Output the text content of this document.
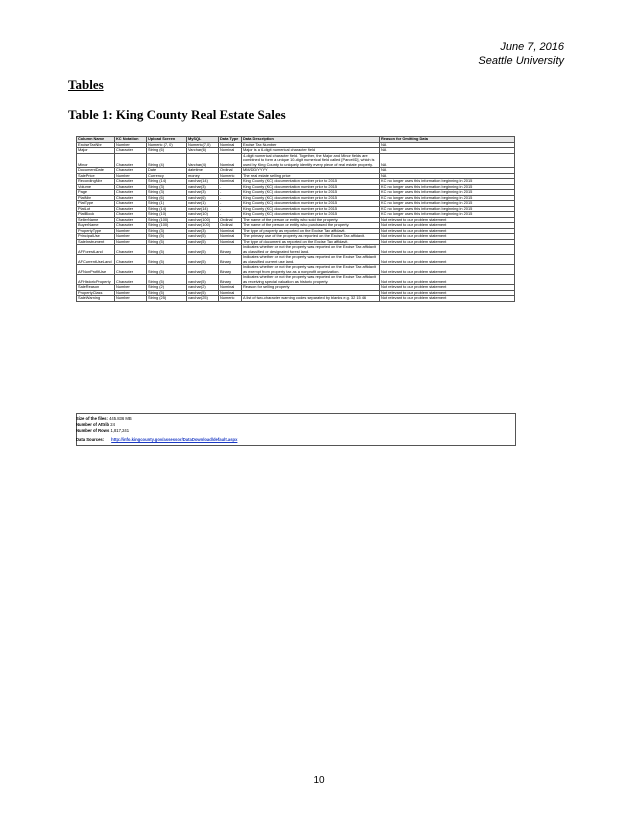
June 7, 2016
Seattle University
Tables
Table 1: King County Real Estate Sales
Column Name	KC Notation	Upload Screen	MySQL	Data Type	Data Description	Reason for Omitting Data
ExciseTaxNbr	Number	Numeric (7, 0)	Numeric(7,0)	Nominal	Excise Tax Number	NA
Major	Character	String (6)	Varchar(6)	Nominal	Major is a 6-digit numerical character field	NA
Minor	Character	String (4)	Varchar(4)	Nominal	4-digit numerical character field. Together, the Major and Minor fields are combined to form a unique 10-digit numerical field called [ParcelID], which is used by King County to uniquely identify every piece of real estate property.	NA
DocumentDate	Character	Date	datetime	Ordinal	MM/DD/YYYY	NA
SalePrice	Number	Currency	money	Numeric	The real estate selling price	NA
RecordingNbr	Character	String (14)	varchar(14)	Nominal	King County (KC) documentation number prior to 2015	KC no longer uses this information beginning in 2015
Volume	Character	String (3)	varchar(3)	-	King County (KC) documentation number prior to 2015	KC no longer uses this information beginning in 2015
Page	Character	String (3)	varchar(3)	-	King County (KC) documentation number prior to 2015	KC no longer uses this information beginning in 2015
PlatNbr	Character	String (6)	varchar(6)	-	King County (KC) documentation number prior to 2015	KC no longer uses this information beginning in 2015
PlatType	Character	String (1)	varchar(1)	-	King County (KC) documentation number prior to 2015	KC no longer uses this information beginning in 2015
PlatLot	Character	String (14)	varchar(14)	-	King County (KC) documentation number prior to 2015	KC no longer uses this information beginning in 2015
PlatBlock	Character	String (10)	varchar(10)	-	King County (KC) documentation number prior to 2015	KC no longer uses this information beginning in 2015
SellerName	Character	String (100)	varchar(100)	Ordinal	The name of the person or entity who sold the property.	Not relevant to our problem statement
BuyerName	Character	String (100)	varchar(100)	Ordinal	The name of the person or entity who purchased the property.	Not relevant to our problem statement
PropertyType	Number	String (3)	varchar(3)	Nominal	The type of property as reported on the Excise Tax affidavit.	Not relevant to our problem statement
PrincipalUse	Number	String (5)	varchar(5)	Nominal	The primary use of the property as reported on the Excise Tax affidavit.	Not relevant to our problem statement
SaleInstrument	Number	String (5)	varchar(5)	Nominal	The type of document as reported on the Excise Tax affidavit.	Not relevant to our problem statement
AFForestLand	Character	String (5)	varchar(5)	Binary	Indicates whether or not the property was reported on the Excise Tax affidavit as classified or designated forest land.	Not relevant to our problem statement
AFCurrentUseLand	Character	String (5)	varchar(5)	Binary	Indicates whether or not the property was reported on the Excise Tax affidavit as classified current use land.	Not relevant to our problem statement
AFNonProfitUse	Character	String (5)	varchar(5)	Binary	Indicates whether or not the property was reported on the Excise Tax affidavit as exempt from property tax as a nonprofit organization.	Not relevant to our problem statement
AFHistoricProperty	Character	String (5)	varchar(5)	Binary	Indicates whether or not the property was reported on the Excise Tax affidavit as receiving special valuation as historic property.	Not relevant to our problem statement
SaleReason	Number	String (2)	varchar(2)	Nominal	Reason for selling property	Not relevant to our problem statement
PropertyClass	Number	String (5)	varchar(5)	Nominal		Not relevant to our problem statement
SaleWarning	Number	String (25)	varchar(25)	Numeric	A list of two-character warning codes separated by blanks e.g. 32 15 46	Not relevant to our problem statement
Size of the files: 445.836 MB
Number of Attrib 24
Number of Rows 1,817,241
Data Sources: http://info.kingcounty.gov/assessor/DataDownload/default.aspx
10
